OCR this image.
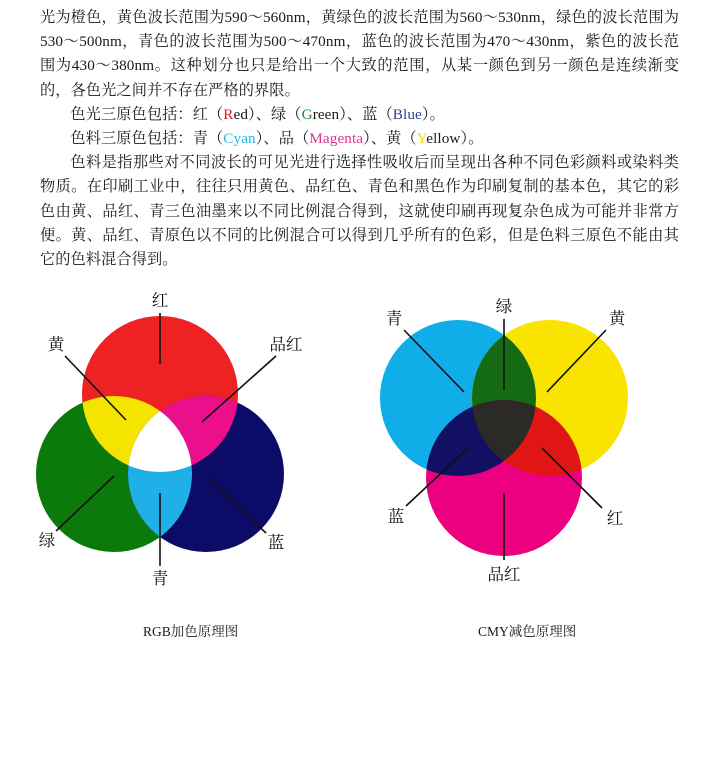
光为橙色，黄色波长范围为590～560nm，黄绿色的波长范围为560～530nm，绿色的波长范围为530～500nm，青色的波长范围为500～470nm，蓝色的波长范围为470～430nm，紫色的波长范围为430～380nm。这种划分也只是给出一个大致的范围，从某一颜色到另一颜色是连续渐变的，各色光之间并不存在严格的界限。

色光三原色包括：红（Red）、绿（Green）、蓝（Blue）。

色料三原色包括：青（Cyan）、品（Magenta）、黄（Yellow）。

色料是指那些对不同波长的可见光进行选择性吸收后而呈现出各种不同色彩颜料或染料类物质。在印刷工业中，往往只用黄色、品红色、青色和黑色作为印刷复制的基本色，其它的彩色由黄、品红、青三色油墨来以不同比例混合得到，这就使印刷再现复杂色成为可能并非常方便。黄、品红、青原色以不同的比例混合可以得到几乎所有的色彩，但是色料三原色不能由其它的色料混合得到。

红
黄	品红
绿	蓝
青
绿
青	黄
蓝	红
品红
RGB加色原理图	CMY减色原理图
